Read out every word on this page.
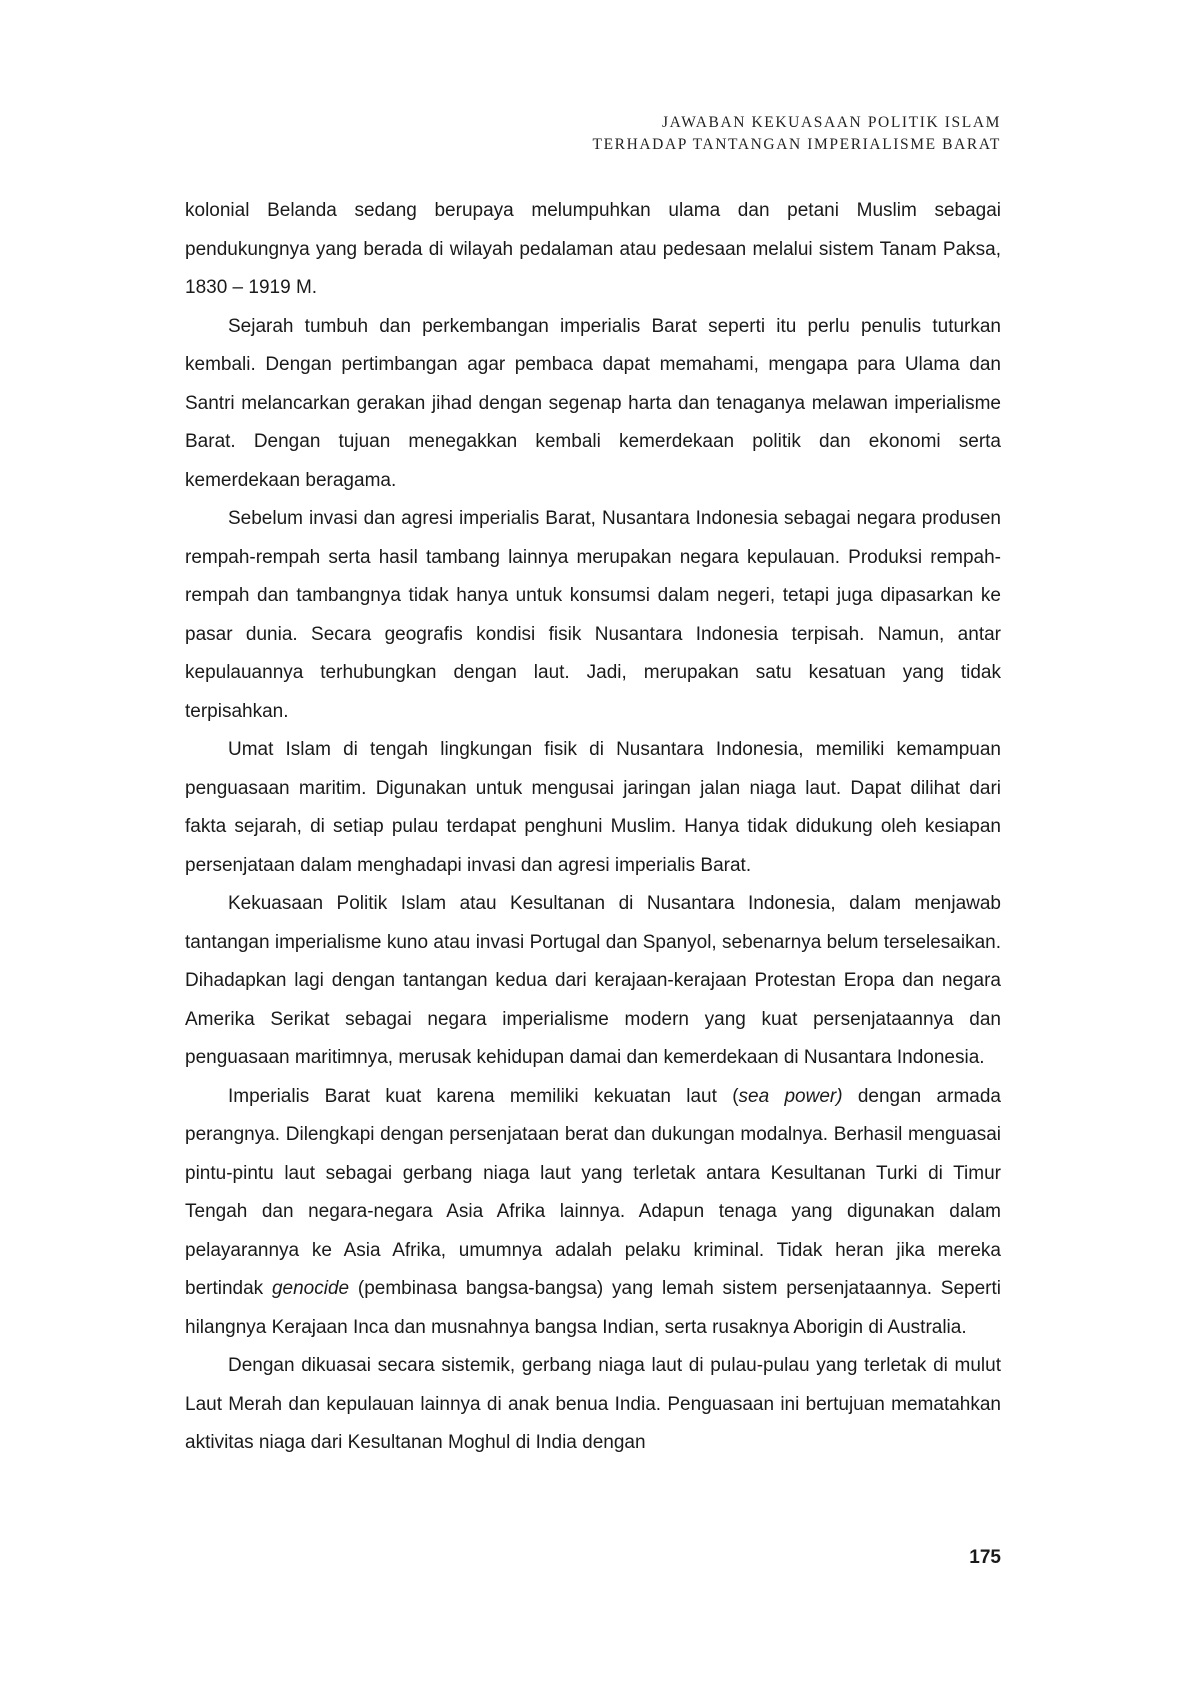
JAWABAN KEKUASAAN POLITIK ISLAM
TERHADAP TANTANGAN IMPERIALISME BARAT

kolonial Belanda sedang berupaya melumpuhkan ulama dan petani Muslim sebagai pendukungnya yang berada di wilayah pedalaman atau pedesaan melalui sistem Tanam Paksa, 1830 – 1919 M.

Sejarah tumbuh dan perkembangan imperialis Barat seperti itu perlu penulis tuturkan kembali. Dengan pertimbangan agar pembaca dapat memahami, mengapa para Ulama dan Santri melancarkan gerakan jihad dengan segenap harta dan tenaganya melawan imperialisme Barat. Dengan tujuan menegakkan kembali kemerdekaan politik dan ekonomi serta kemerdekaan beragama.

Sebelum invasi dan agresi imperialis Barat, Nusantara Indonesia sebagai negara produsen rempah-rempah serta hasil tambang lainnya merupakan negara kepulauan. Produksi rempah-rempah dan tambangnya tidak hanya untuk konsumsi dalam negeri, tetapi juga dipasarkan ke pasar dunia. Secara geografis kondisi fisik Nusantara Indonesia terpisah. Namun, antar kepulauannya terhubungkan dengan laut. Jadi, merupakan satu kesatuan yang tidak terpisahkan.

Umat Islam di tengah lingkungan fisik di Nusantara Indonesia, memiliki kemampuan penguasaan maritim. Digunakan untuk mengusai jaringan jalan niaga laut. Dapat dilihat dari fakta sejarah, di setiap pulau terdapat penghuni Muslim. Hanya tidak didukung oleh kesiapan persenjataan dalam menghadapi invasi dan agresi imperialis Barat.

Kekuasaan Politik Islam atau Kesultanan di Nusantara Indonesia, dalam menjawab tantangan imperialisme kuno atau invasi Portugal dan Spanyol, sebenarnya belum terselesaikan. Dihadapkan lagi dengan tantangan kedua dari kerajaan-kerajaan Protestan Eropa dan negara Amerika Serikat sebagai negara imperialisme modern yang kuat persenjataannya dan penguasaan maritimnya, merusak kehidupan damai dan kemerdekaan di Nusantara Indonesia.

Imperialis Barat kuat karena memiliki kekuatan laut (sea power) dengan armada perangnya. Dilengkapi dengan persenjataan berat dan dukungan modalnya. Berhasil menguasai pintu-pintu laut sebagai gerbang niaga laut yang terletak antara Kesultanan Turki di Timur Tengah dan negara-negara Asia Afrika lainnya. Adapun tenaga yang digunakan dalam pelayarannya ke Asia Afrika, umumnya adalah pelaku kriminal. Tidak heran jika mereka bertindak genocide (pembinasa bangsa-bangsa) yang lemah sistem persenjataannya. Seperti hilangnya Kerajaan Inca dan musnahnya bangsa Indian, serta rusaknya Aborigin di Australia.

Dengan dikuasai secara sistemik, gerbang niaga laut di pulau-pulau yang terletak di mulut Laut Merah dan kepulauan lainnya di anak benua India. Penguasaan ini bertujuan mematahkan aktivitas niaga dari Kesultanan Moghul di India dengan

175
